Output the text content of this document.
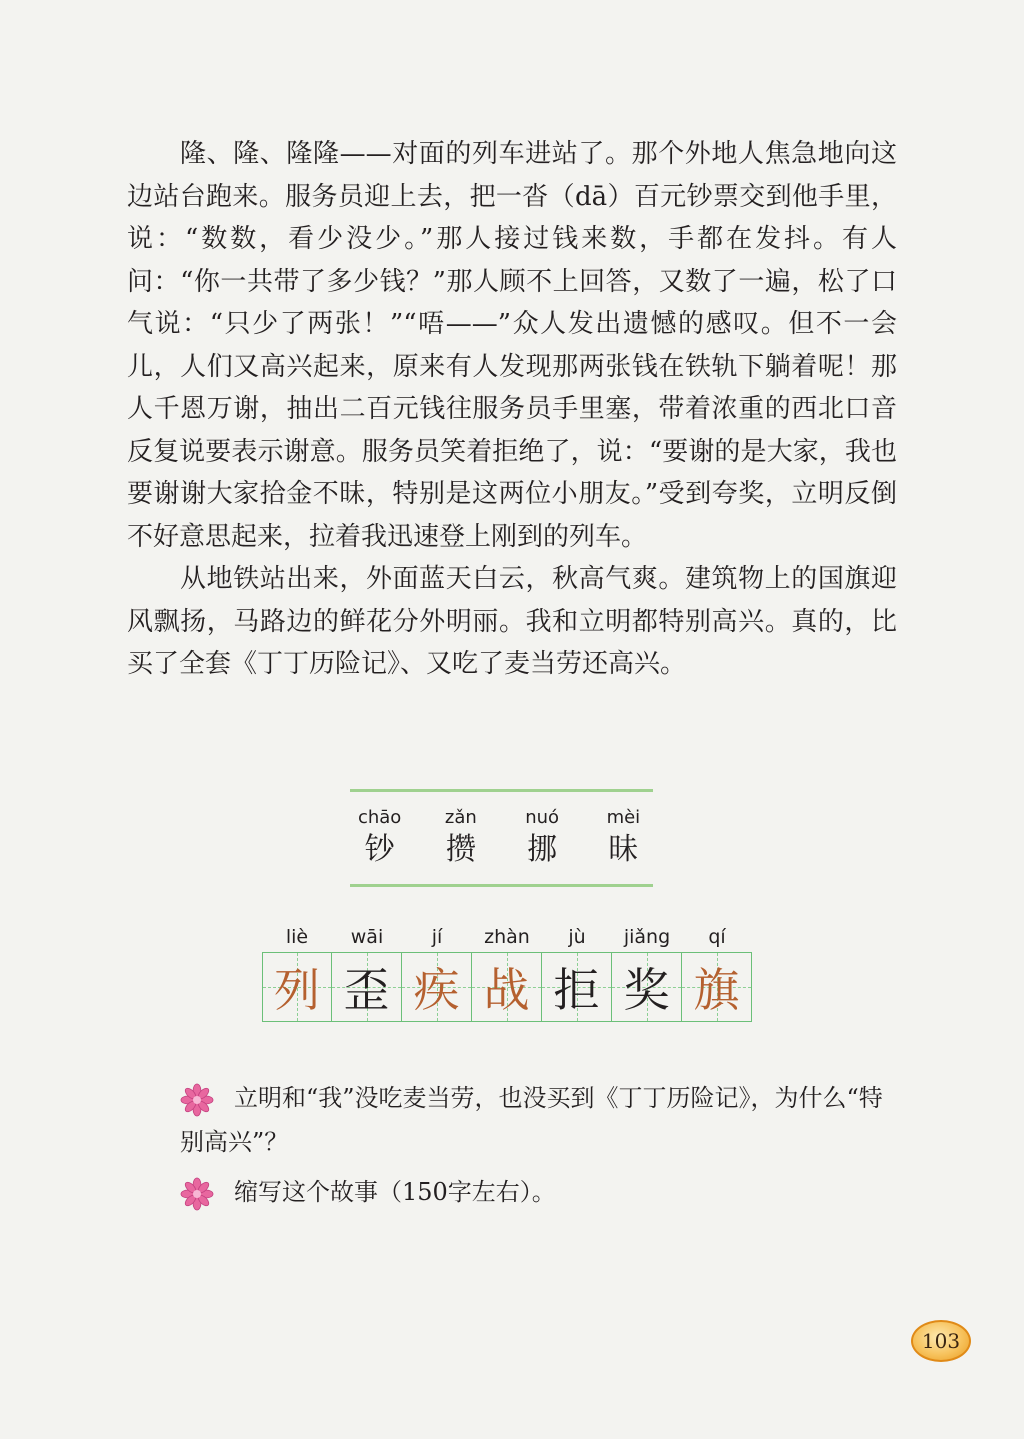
隆、隆、隆隆——对面的列车进站了。那个外地人焦急地向这边站台跑来。服务员迎上去，把一沓（dā）百元钞票交到他手里，说：“数数，看少没少。”那人接过钱来数，手都在发抖。有人问：“你一共带了多少钱？”那人顾不上回答，又数了一遍，松了口气说：“只少了两张！”“唔——”众人发出遗憾的感叹。但不一会儿，人们又高兴起来，原来有人发现那两张钱在铁轨下躺着呢！那人千恩万谢，抽出二百元钱往服务员手里塞，带着浓重的西北口音反复说要表示谢意。服务员笑着拒绝了，说：“要谢的是大家，我也要谢谢大家拾金不昧，特别是这两位小朋友。”受到夸奖，立明反倒不好意思起来，拉着我迅速登上刚到的列车。

从地铁站出来，外面蓝天白云，秋高气爽。建筑物上的国旗迎风飘扬，马路边的鲜花分外明丽。我和立明都特别高兴。真的，比买了全套《丁丁历险记》、又吃了麦当劳还高兴。

chāo
钞
zǎn
攒
nuó
挪
mèi
昧
liè
列
wāi
歪
jí
疾
zhàn
战
jù
拒
jiǎng
奖
qí
旗
立明和“我”没吃麦当劳，也没买到《丁丁历险记》，为什么“特别高兴”？
缩写这个故事（150字左右）。
103
